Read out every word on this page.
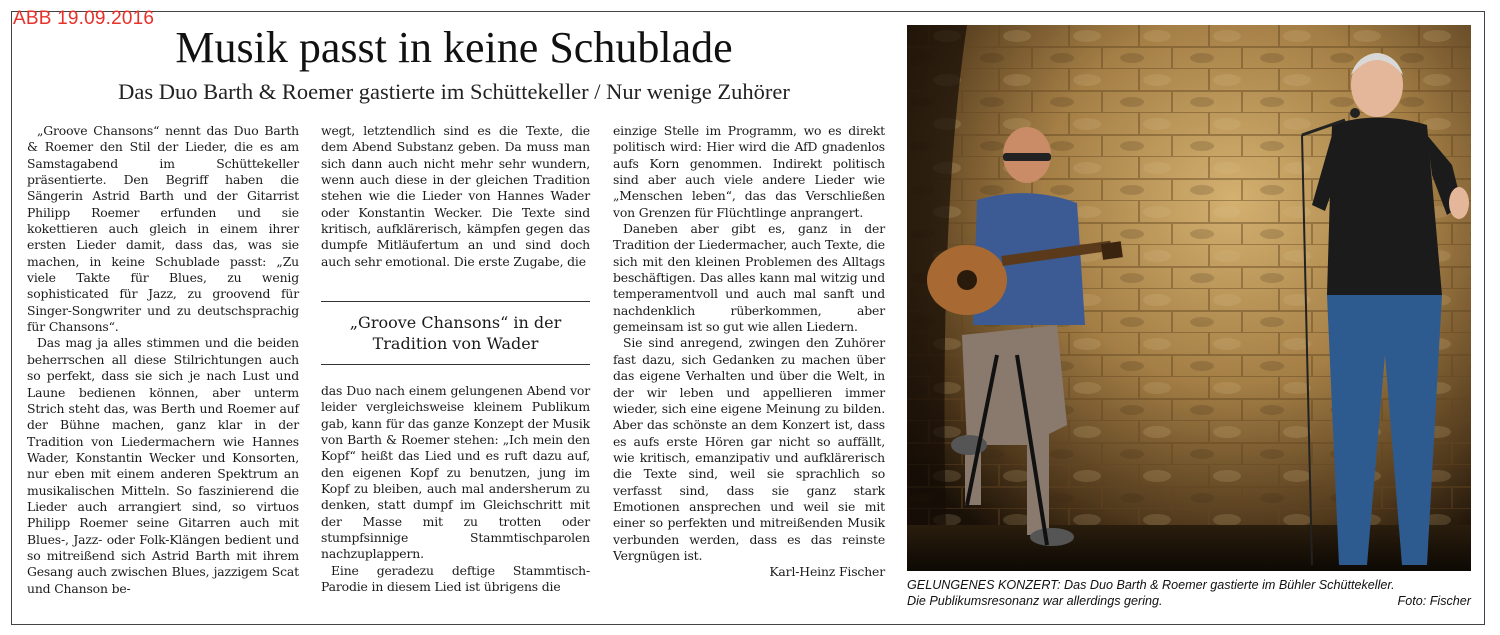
ABB 19.09.2016
Musik passt in keine Schublade
Das Duo Barth & Roemer gastierte im Schüttekeller / Nur wenige Zuhörer

„Groove Chansons“ nennt das Duo Barth & Roemer den Stil der Lieder, die es am Samstagabend im Schüttekeller präsentierte. Den Begriff haben die Sängerin Astrid Barth und der Gitarrist Philipp Roemer erfunden und sie kokettieren auch gleich in einem ihrer ersten Lieder damit, dass das, was sie machen, in keine Schublade passt: „Zu viele Takte für Blues, zu wenig sophisticated für Jazz, zu groovend für Singer-Songwriter und zu deutschsprachig für Chansons“.

Das mag ja alles stimmen und die beiden beherrschen all diese Stilrichtungen auch so perfekt, dass sie sich je nach Lust und Laune bedienen können, aber unterm Strich steht das, was Berth und Roemer auf der Bühne machen, ganz klar in der Tradition von Liedermachern wie Hannes Wader, Konstantin Wecker und Konsorten, nur eben mit einem anderen Spektrum an musikalischen Mitteln. So faszinierend die Lieder auch arrangiert sind, so virtuos Philipp Roemer seine Gitarren auch mit Blues-, Jazz- oder Folk-Klängen bedient und so mitreißend sich Astrid Barth mit ihrem Gesang auch zwischen Blues, jazzigem Scat und Chanson be-

wegt, letztendlich sind es die Texte, die dem Abend Substanz geben. Da muss man sich dann auch nicht mehr sehr wundern, wenn auch diese in der gleichen Tradition stehen wie die Lieder von Hannes Wader oder Konstantin Wecker. Die Texte sind kritisch, aufklärerisch, kämpfen gegen das dumpfe Mitläufertum an und sind doch auch sehr emotional. Die erste Zugabe, die

„Groove Chansons“ in der Tradition von Wader

das Duo nach einem gelungenen Abend vor leider vergleichsweise kleinem Publikum gab, kann für das ganze Konzept der Musik von Barth & Roemer stehen: „Ich mein den Kopf“ heißt das Lied und es ruft dazu auf, den eigenen Kopf zu benutzen, jung im Kopf zu bleiben, auch mal andersherum zu denken, statt dumpf im Gleichschritt mit der Masse mit zu trotten oder stumpfsinnige Stammtischparolen nachzuplappern.

Eine geradezu deftige Stammtisch-Parodie in diesem Lied ist übrigens die

einzige Stelle im Programm, wo es direkt politisch wird: Hier wird die AfD gnadenlos aufs Korn genommen. Indirekt politisch sind aber auch viele andere Lieder wie „Menschen leben“, das das Verschließen von Grenzen für Flüchtlinge anprangert.

Daneben aber gibt es, ganz in der Tradition der Liedermacher, auch Texte, die sich mit den kleinen Problemen des Alltags beschäftigen. Das alles kann mal witzig und temperamentvoll und auch mal sanft und nachdenklich rüberkommen, aber gemeinsam ist so gut wie allen Liedern.

Sie sind anregend, zwingen den Zuhörer fast dazu, sich Gedanken zu machen über das eigene Verhalten und über die Welt, in der wir leben und appellieren immer wieder, sich eine eigene Meinung zu bilden. Aber das schönste an dem Konzert ist, dass es aufs erste Hören gar nicht so auffällt, wie kritisch, emanzipativ und aufklärerisch die Texte sind, weil sie sprachlich so verfasst sind, dass sie ganz stark Emotionen ansprechen und weil sie mit einer so perfekten und mitreißenden Musik verbunden werden, dass es das reinste Vergnügen ist.

Karl-Heinz Fischer

GELUNGENES KONZERT: Das Duo Barth & Roemer gastierte im Bühler Schüttekeller.
Die Publikumsresonanz war allerdings gering.	Foto: Fischer
